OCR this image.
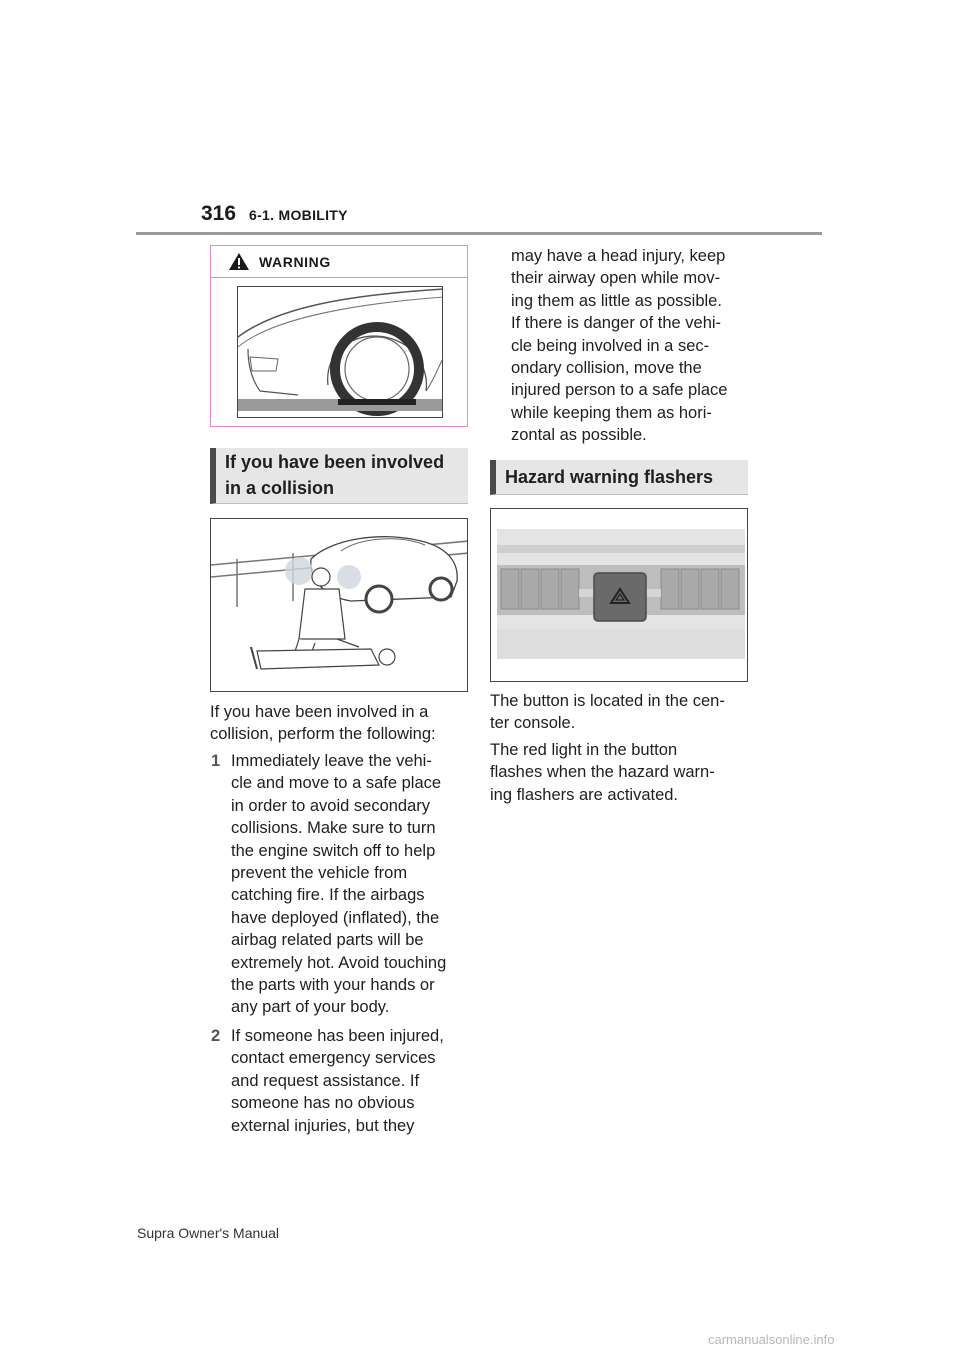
316 6-1. MOBILITY
WARNING
If you have been involved
in a collision
If you have been involved in a
collision, perform the following:
1 Immediately leave the vehi-
cle and move to a safe place
in order to avoid secondary
collisions. Make sure to turn
the engine switch off to help
prevent the vehicle from
catching fire. If the airbags
have deployed (inflated), the
airbag related parts will be
extremely hot. Avoid touching
the parts with your hands or
any part of your body.
2 If someone has been injured,
contact emergency services
and request assistance. If
someone has no obvious
external injuries, but they
may have a head injury, keep
their airway open while mov-
ing them as little as possible.
If there is danger of the vehi-
cle being involved in a sec-
ondary collision, move the
injured person to a safe place
while keeping them as hori-
zontal as possible.
Hazard warning flashers
The button is located in the cen-
ter console.
The red light in the button
flashes when the hazard warn-
ing flashers are activated.
Supra Owner's Manual
carmanualsonline.info
